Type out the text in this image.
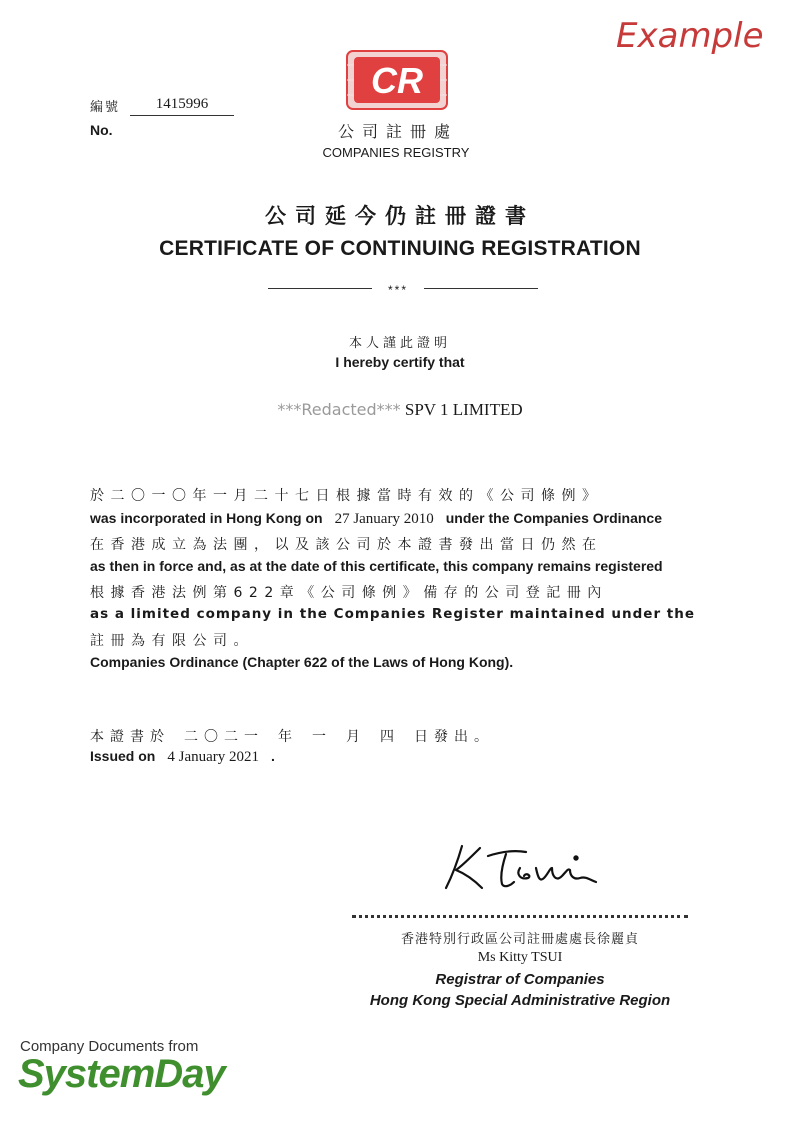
Example
編號
No.
1415996
CR
公司註冊處
COMPANIES REGISTRY
公司延今仍註冊證書
CERTIFICATE OF CONTINUING REGISTRATION
***
本人謹此證明
I hereby certify that
***Redacted*** SPV 1 LIMITED
於二〇一〇年一月二十七日根據當時有效的《公司條例》
was incorporated in Hong Kong on 27 January 2010 under the Companies Ordinance
在香港成立為法團，以及該公司於本證書發出當日仍然在
as then in force and, as at the date of this certificate, this company remains registered
根據香港法例第622章《公司條例》備存的公司登記冊內
as a limited company in the Companies Register maintained under the
註冊為有限公司。
Companies Ordinance (Chapter 622 of the Laws of Hong Kong).
本證書於 二〇二一 年 一 月 四 日發出。
Issued on 4 January 2021 .
香港特別行政區公司註冊處處長徐麗貞
Ms Kitty TSUI
Registrar of Companies
Hong Kong Special Administrative Region
Company Documents from
SystemDay
